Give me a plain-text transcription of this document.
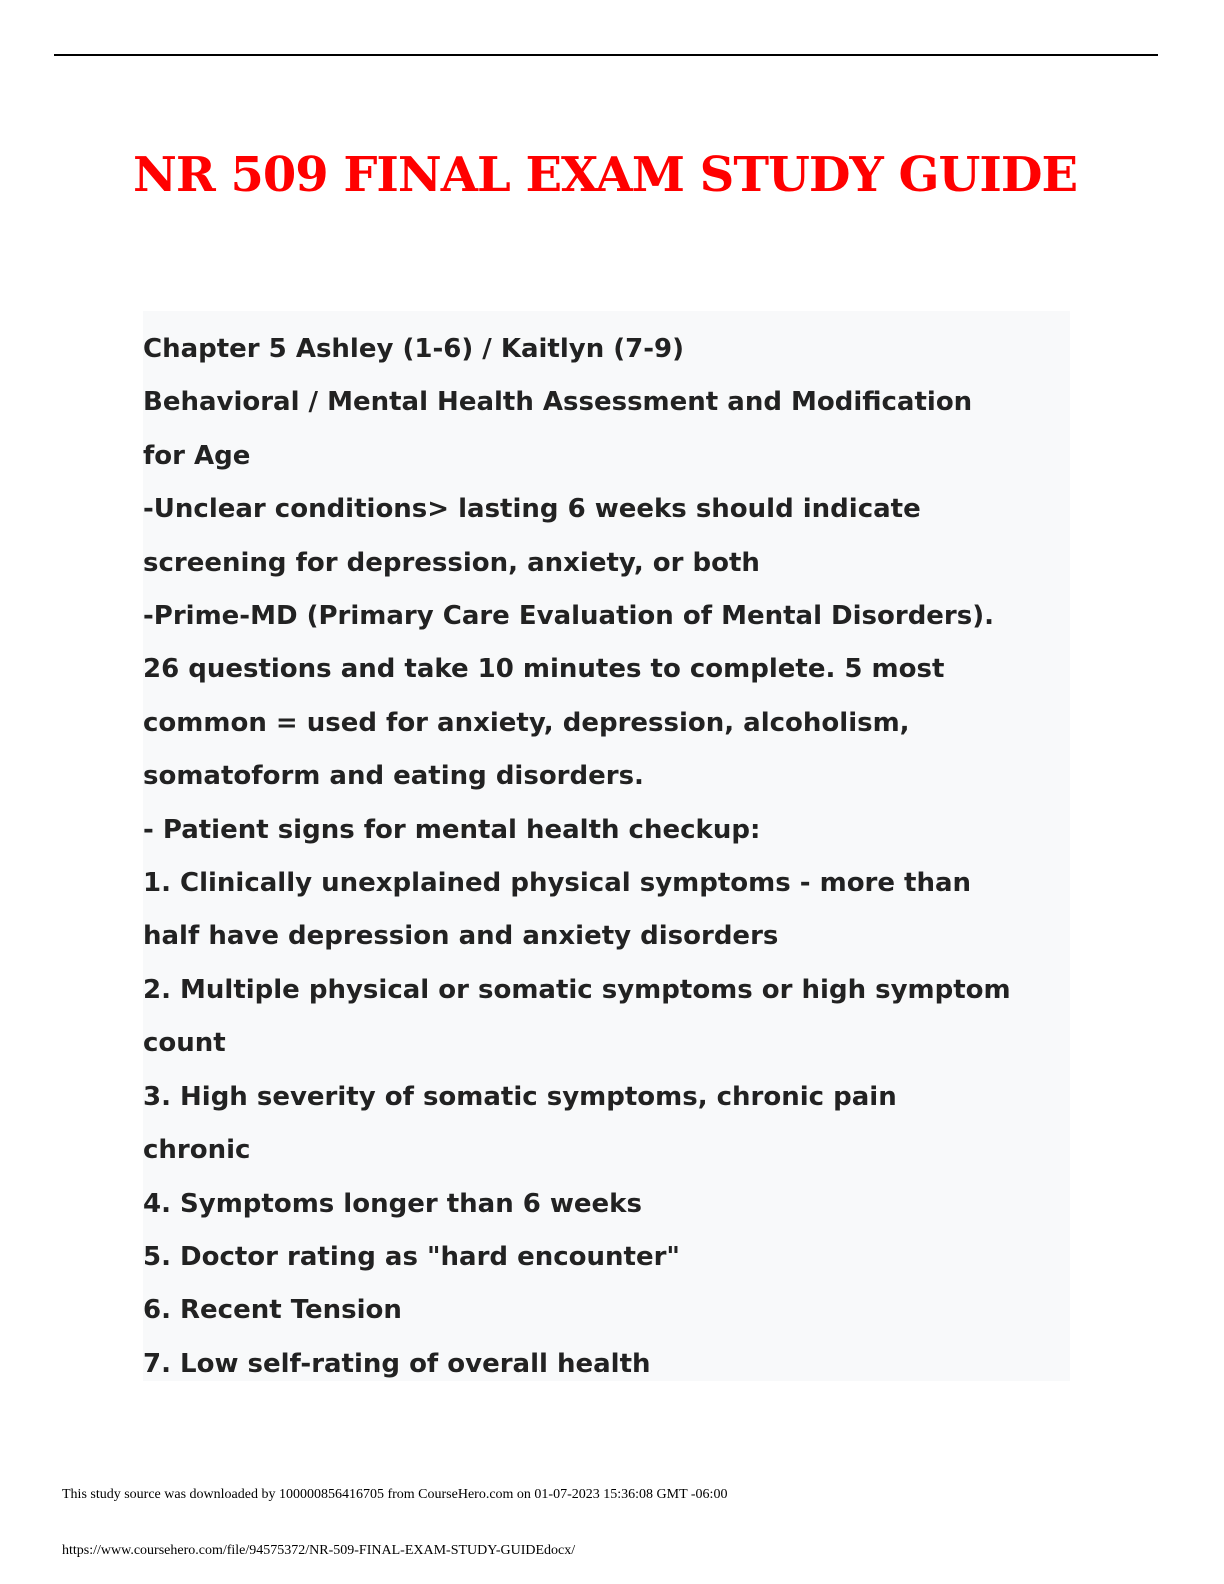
NR 509 FINAL EXAM STUDY GUIDE

Chapter 5 Ashley (1-6) / Kaitlyn (7-9)

Behavioral / Mental Health Assessment and Modification

for Age

-Unclear conditions> lasting 6 weeks should indicate

screening for depression, anxiety, or both

-Prime-MD (Primary Care Evaluation of Mental Disorders).

26 questions and take 10 minutes to complete. 5 most

common = used for anxiety, depression, alcoholism,

somatoform and eating disorders.

- Patient signs for mental health checkup:

1. Clinically unexplained physical symptoms - more than

half have depression and anxiety disorders

2. Multiple physical or somatic symptoms or high symptom

count

3. High severity of somatic symptoms, chronic pain

chronic

4. Symptoms longer than 6 weeks

5. Doctor rating as "hard encounter"

6. Recent Tension

7. Low self-rating of overall health

This study source was downloaded by 100000856416705 from CourseHero.com on 01-07-2023 15:36:08 GMT -06:00
https://www.coursehero.com/file/94575372/NR-509-FINAL-EXAM-STUDY-GUIDEdocx/
